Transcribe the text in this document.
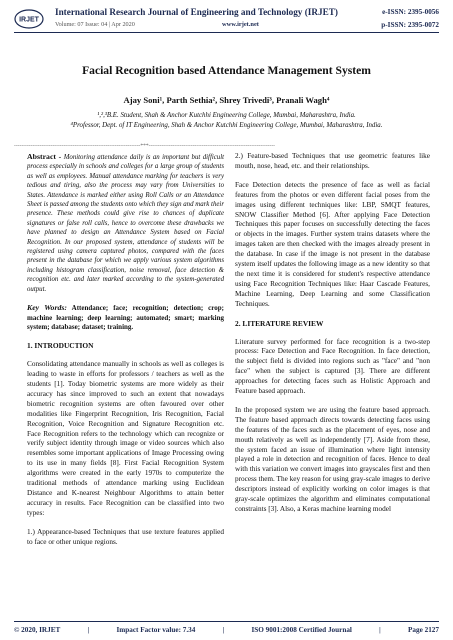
IRJET
International Research Journal of Engineering and Technology (IRJET)	e-ISSN: 2395-0056
Volume: 07 Issue: 04 | Apr 2020	www.irjet.net	p-ISSN: 2395-0072
Facial Recognition based Attendance Management System
Ajay Soni¹, Parth Sethia², Shrey Trivedi³, Pranali Wagh⁴
¹,²,³B.E. Student, Shah & Anchor Kutchhi Engineering College, Mumbai, Maharashtra, India.
⁴Professor, Dept. of IT Engineering, Shah & Anchor Kutchhi Engineering College, Mumbai, Maharashtra, India.
---------------------------------------------------------------------***---------------------------------------------------------------------

Abstract - Monitoring attendance daily is an important but difficult process especially in schools and colleges for a large group of students as well as employees. Manual attendance marking for teachers is very tedious and tiring, also the process may vary from Universities to States. Attendance is marked either using Roll Calls or an Attendance Sheet is passed among the students onto which they sign and mark their presence. These methods could give rise to chances of duplicate signatures or false roll calls, hence to overcome these drawbacks we have planned to design an Attendance System based on Facial Recognition. In our proposed system, attendance of students will be registered using camera captured photos, compared with the faces present in the database for which we apply various system algorithms including histogram classification, noise removal, face detection & recognition etc. and later marked according to the system-generated output.

Key Words: Attendance; face; recognition; detection; crop; machine learning; deep learning; automated; smart; marking system; database; dataset; training.

1. INTRODUCTION

Consolidating attendance manually in schools as well as colleges is leading to waste in efforts for professors / teachers as well as the students [1]. Today biometric systems are more widely as their accuracy has since improved to such an extent that nowadays biometric recognition systems are often favoured over other modalities like Fingerprint Recognition, Iris Recognition, Facial Recognition, Voice Recognition and Signature Recognition etc. Face Recognition refers to the technology which can recognize or verify subject identity through image or video sources which also resembles some important applications of Image Processing owing to its use in many fields [8]. First Facial Recognition System algorithms were created in the early 1970s to computerize the traditional methods of attendance marking using Euclidean Distance and K-nearest Neighbour Algorithms to attain better accuracy in results. Face Recognition can be classified into two types:

1.) Appearance-based Techniques that use texture features applied to face or other unique regions.

2.) Feature-based Techniques that use geometric features like mouth, nose, head, etc. and their relationships.

Face Detection detects the presence of face as well as facial features from the photos or even different facial poses from the images using different techniques like: LBP, SMQT features, SNOW Classifier Method [6]. After applying Face Detection Techniques this paper focuses on successfully detecting the faces or objects in the images. Further system trains datasets where the images taken are then checked with the images already present in the database. In case if the image is not present in the database system itself updates the following image as a new identity so that the next time it is considered for student's respective attendance using Face Recognition Techniques like: Haar Cascade Features, Machine Learning, Deep Learning and some Classification Techniques.

2. LITERATURE REVIEW

Literature survey performed for face recognition is a two-step process: Face Detection and Face Recognition. In face detection, the subject field is divided into regions such as "face" and "non face" when the subject is captured [3]. There are different approaches for detecting faces such as Holistic Approach and Feature based approach.

In the proposed system we are using the feature based approach. The feature based approach directs towards detecting faces using the features of the faces such as the placement of eyes, nose and mouth relatively as well as independently [7]. Aside from these, the system faced an issue of illumination where light intensity played a role in detection and recognition of faces. Hence to deal with this variation we convert images into grayscales first and then process them. The key reason for using gray-scale images to derive descriptors instead of explicitly working on color images is that gray-scale optimizes the algorithm and eliminates computational constraints [3]. Also, a Keras machine learning model

© 2020, IRJET	|	Impact Factor value: 7.34	|	ISO 9001:2008 Certified Journal	|	Page 2127
